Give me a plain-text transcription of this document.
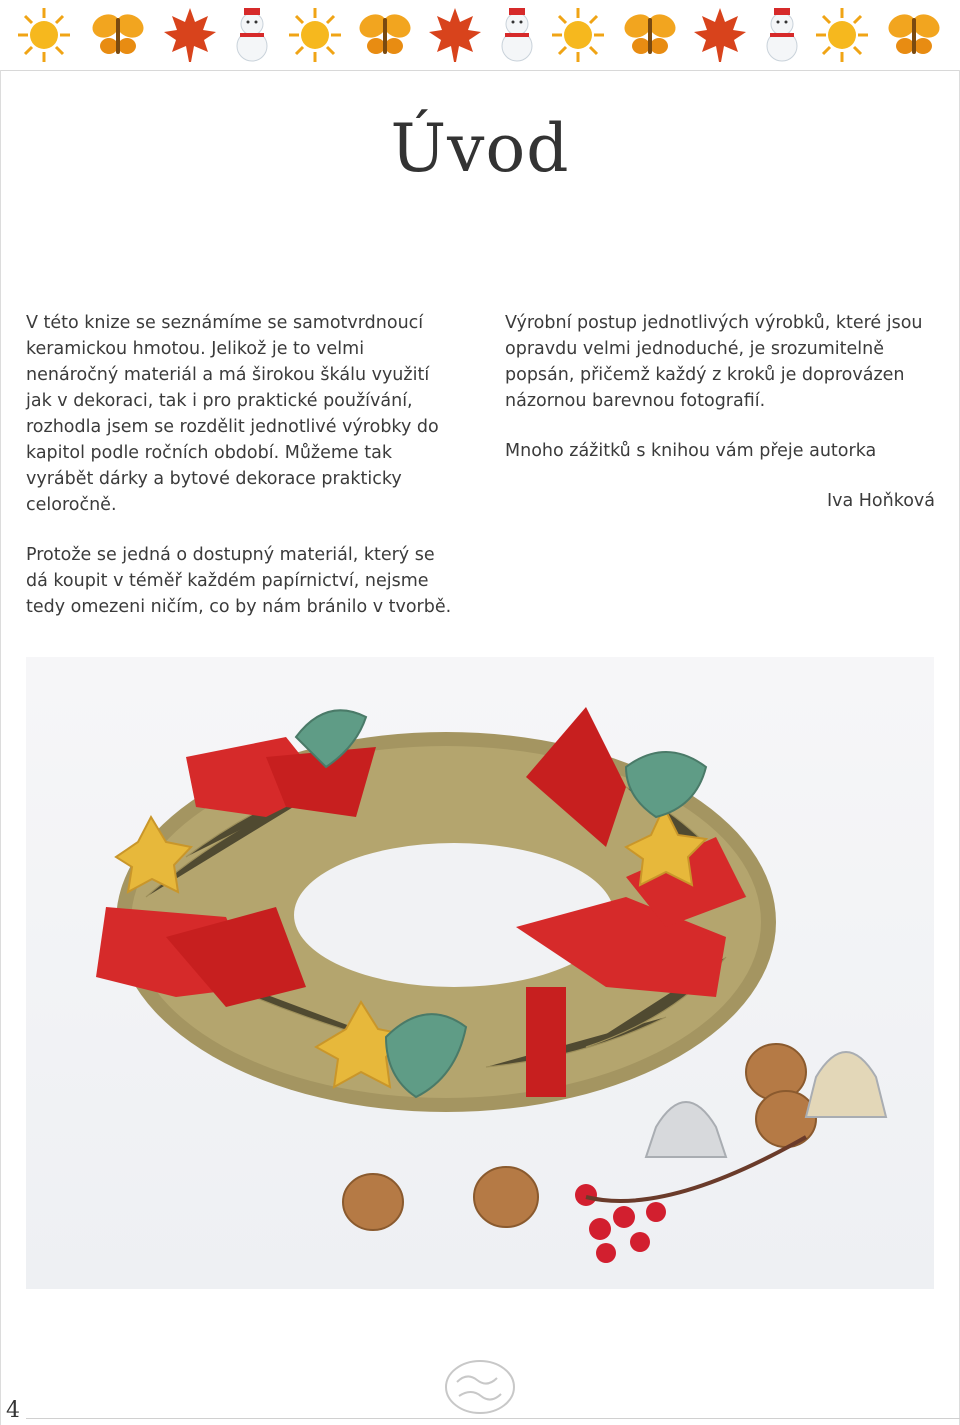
Úvod

V této knize se seznámíme se samotvrdnoucí keramickou hmotou. Jelikož je to velmi nenáročný materiál a má širokou škálu využití jak v dekoraci, tak i pro praktické používání, rozhodla jsem se rozdělit jednotlivé výrobky do kapitol podle ročních období. Můžeme tak vyrábět dárky a bytové dekorace prakticky celoročně.

Protože se jedná o dostupný materiál, který se dá koupit v téměř každém papírnictví, nejsme tedy omezeni ničím, co by nám bránilo v tvorbě.

Výrobní postup jednotlivých výrobků, které jsou opravdu velmi jednoduché, je srozumitelně popsán, přičemž každý z kroků je doprovázen názornou barevnou fotografií.

Mnoho zážitků s knihou vám přeje autorka

Iva Hoňková

4
